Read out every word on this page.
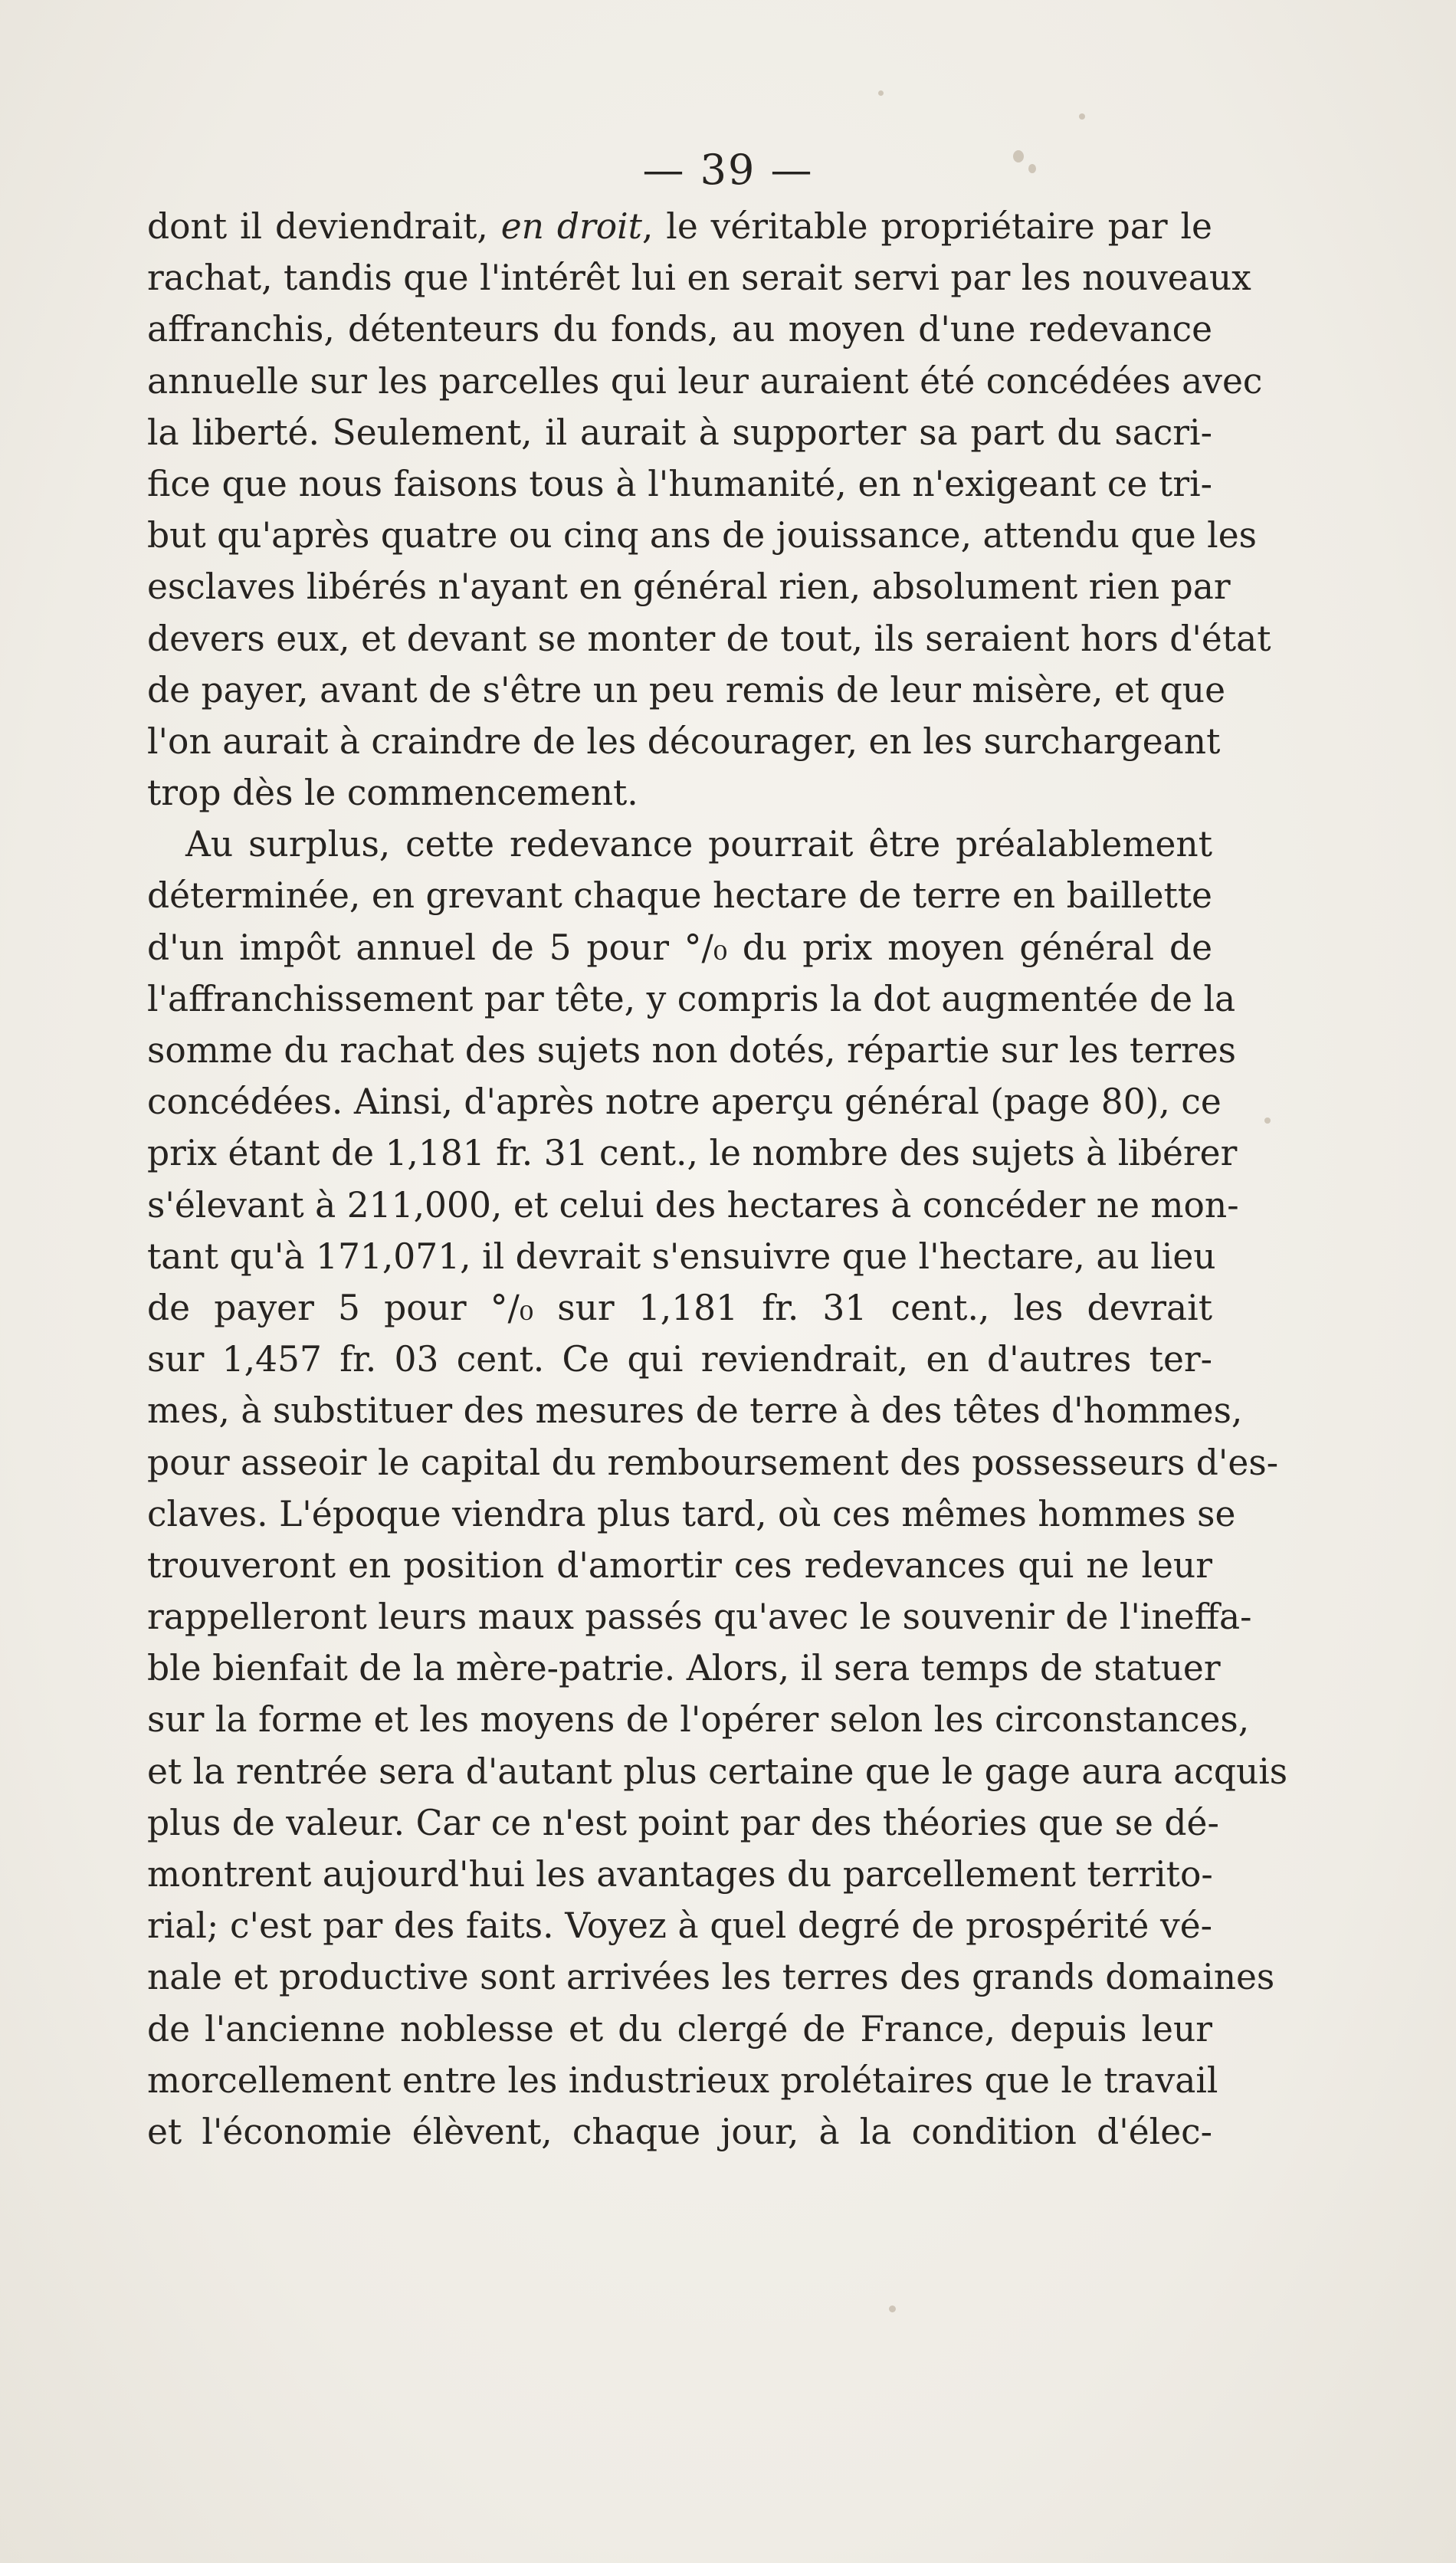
— 39 —
dont il deviendrait, en droit, le véritable propriétaire par le
rachat, tandis que l'intérêt lui en serait servi par les nouveaux
affranchis, détenteurs du fonds, au moyen d'une redevance
annuelle sur les parcelles qui leur auraient été concédées avec
la liberté. Seulement, il aurait à supporter sa part du sacri-
fice que nous faisons tous à l'humanité, en n'exigeant ce tri-
but qu'après quatre ou cinq ans de jouissance, attendu que les
esclaves libérés n'ayant en général rien, absolument rien par
devers eux, et devant se monter de tout, ils seraient hors d'état
de payer, avant de s'être un peu remis de leur misère, et que
l'on aurait à craindre de les décourager, en les surchargeant
trop dès le commencement.
Au surplus, cette redevance pourrait être préalablement
déterminée, en grevant chaque hectare de terre en baillette
d'un impôt annuel de 5 pour °/₀ du prix moyen général de
l'affranchissement par tête, y compris la dot augmentée de la
somme du rachat des sujets non dotés, répartie sur les terres
concédées. Ainsi, d'après notre aperçu général (page 80), ce
prix étant de 1,181 fr. 31 cent., le nombre des sujets à libérer
s'élevant à 211,000, et celui des hectares à concéder ne mon-
tant qu'à 171,071, il devrait s'ensuivre que l'hectare, au lieu
de payer 5 pour °/₀ sur 1,181 fr. 31 cent., les devrait
sur 1,457 fr. 03 cent. Ce qui reviendrait, en d'autres ter-
mes, à substituer des mesures de terre à des têtes d'hommes,
pour asseoir le capital du remboursement des possesseurs d'es-
claves. L'époque viendra plus tard, où ces mêmes hommes se
trouveront en position d'amortir ces redevances qui ne leur
rappelleront leurs maux passés qu'avec le souvenir de l'ineffa-
ble bienfait de la mère-patrie. Alors, il sera temps de statuer
sur la forme et les moyens de l'opérer selon les circonstances,
et la rentrée sera d'autant plus certaine que le gage aura acquis
plus de valeur. Car ce n'est point par des théories que se dé-
montrent aujourd'hui les avantages du parcellement territo-
rial; c'est par des faits. Voyez à quel degré de prospérité vé-
nale et productive sont arrivées les terres des grands domaines
de l'ancienne noblesse et du clergé de France, depuis leur
morcellement entre les industrieux prolétaires que le travail
et l'économie élèvent, chaque jour, à la condition d'élec-
